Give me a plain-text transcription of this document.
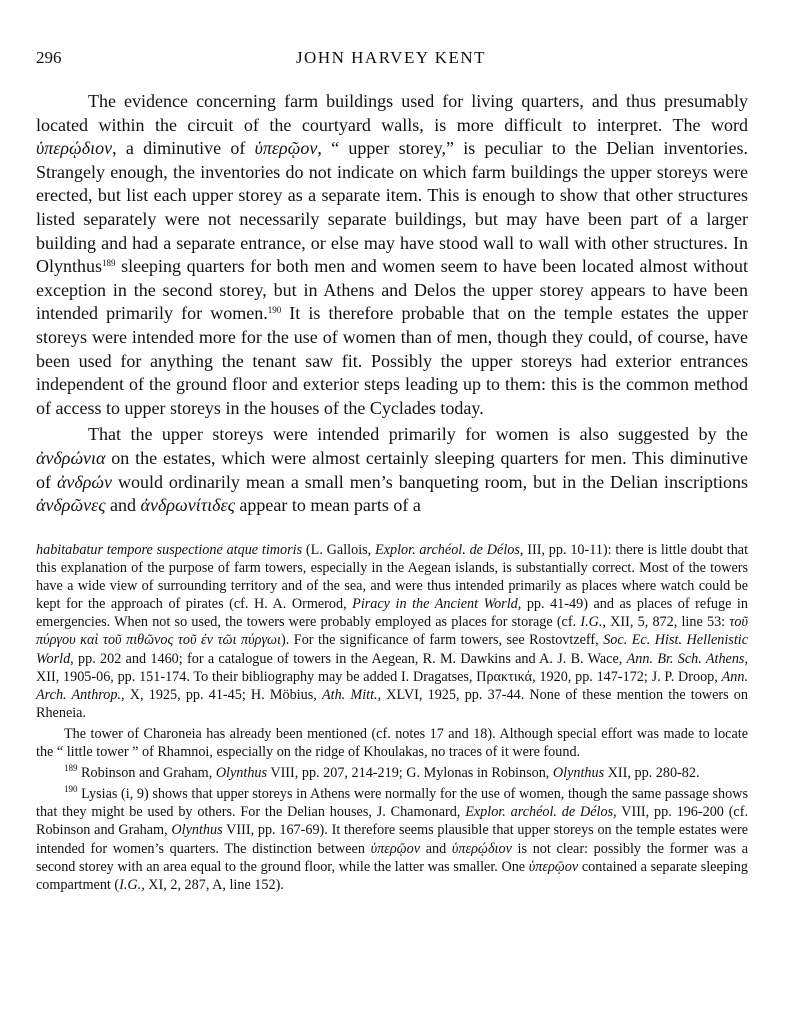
296	JOHN HARVEY KENT

The evidence concerning farm buildings used for living quarters, and thus presumably located within the circuit of the courtyard walls, is more difficult to interpret. The word ὑπερῴδιον, a diminutive of ὑπερῷον, “ upper storey,” is peculiar to the Delian inventories. Strangely enough, the inventories do not indicate on which farm buildings the upper storeys were erected, but list each upper storey as a separate item. This is enough to show that other structures listed separately were not necessarily separate buildings, but may have been part of a larger building and had a separate entrance, or else may have stood wall to wall with other structures. In Olynthus$^{189}$ sleeping quarters for both men and women seem to have been located almost without exception in the second storey, but in Athens and Delos the upper storey appears to have been intended primarily for women.$^{190}$ It is therefore probable that on the temple estates the upper storeys were intended more for the use of women than of men, though they could, of course, have been used for anything the tenant saw fit. Possibly the upper storeys had exterior entrances independent of the ground floor and exterior steps leading up to them: this is the common method of access to upper storeys in the houses of the Cyclades today.

That the upper storeys were intended primarily for women is also suggested by the ἀνδρώνια on the estates, which were almost certainly sleeping quarters for men. This diminutive of ἀνδρών would ordinarily mean a small men’s banqueting room, but in the Delian inscriptions ἀνδρῶνες and ἀνδρωνίτιδες appear to mean parts of a

habitabatur tempore suspectione atque timoris (L. Gallois, Explor. archéol. de Délos, III, pp. 10-11): there is little doubt that this explanation of the purpose of farm towers, especially in the Aegean islands, is substantially correct. Most of the towers have a wide view of surrounding territory and of the sea, and were thus intended primarily as places where watch could be kept for the approach of pirates (cf. H. A. Ormerod, Piracy in the Ancient World, pp. 41-49) and as places of refuge in emergencies. When not so used, the towers were probably employed as places for storage (cf. I.G., XII, 5, 872, line 53: τοῦ πύργου καὶ τοῦ πιθῶνος τοῦ ἐν τῶι πύργωι). For the significance of farm towers, see Rostovtzeff, Soc. Ec. Hist. Hellenistic World, pp. 202 and 1460; for a catalogue of towers in the Aegean, R. M. Dawkins and A. J. B. Wace, Ann. Br. Sch. Athens, XII, 1905-06, pp. 151-174. To their bibliography may be added I. Dragatses, Πρακτικά, 1920, pp. 147-172; J. P. Droop, Ann. Arch. Anthrop., X, 1925, pp. 41-45; H. Möbius, Ath. Mitt., XLVI, 1925, pp. 37-44. None of these mention the towers on Rheneia.

The tower of Charoneia has already been mentioned (cf. notes 17 and 18). Although special effort was made to locate the “ little tower ” of Rhamnoi, especially on the ridge of Khoulakas, no traces of it were found.

$^{189}$ Robinson and Graham, Olynthus VIII, pp. 207, 214-219; G. Mylonas in Robinson, Olynthus XII, pp. 280-82.

$^{190}$ Lysias (i, 9) shows that upper storeys in Athens were normally for the use of women, though the same passage shows that they might be used by others. For the Delian houses, J. Chamonard, Explor. archéol. de Délos, VIII, pp. 196-200 (cf. Robinson and Graham, Olynthus VIII, pp. 167-69). It therefore seems plausible that upper storeys on the temple estates were intended for women’s quarters. The distinction between ὑπερῷον and ὑπερῴδιον is not clear: possibly the former was a second storey with an area equal to the ground floor, while the latter was smaller. One ὑπερῷον contained a separate sleeping compartment (I.G., XI, 2, 287, A, line 152).
